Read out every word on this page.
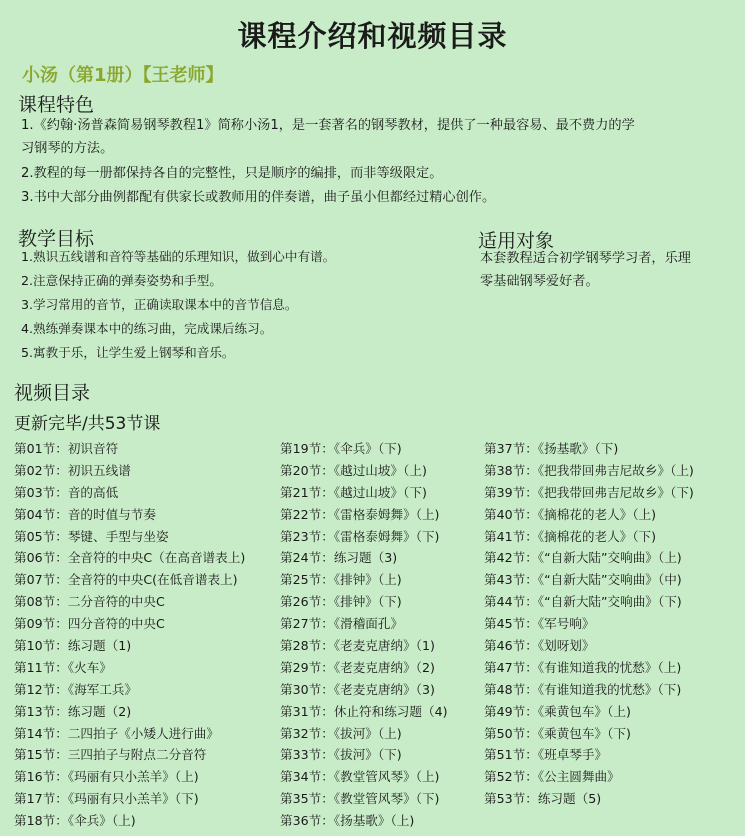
课程介绍和视频目录
小汤（第1册）【王老师】
课程特色
1.《约翰·汤普森简易钢琴教程1》简称小汤1，是一套著名的钢琴教材，提供了一种最容易、最不费力的学
习钢琴的方法。
2.教程的每一册都保持各自的完整性，只是顺序的编排，而非等级限定。
3.书中大部分曲例都配有供家长或教师用的伴奏谱，曲子虽小但都经过精心创作。
教学目标
1.熟识五线谱和音符等基础的乐理知识，做到心中有谱。
2.注意保持正确的弹奏姿势和手型。
3.学习常用的音节，正确读取课本中的音节信息。
4.熟练弹奏课本中的练习曲，完成课后练习。
5.寓教于乐，让学生爱上钢琴和音乐。
适用对象
本套教程适合初学钢琴学习者，乐理
零基础钢琴爱好者。
视频目录
更新完毕/共53节课
第01节：初识音符
第02节：初识五线谱
第03节：音的高低
第04节：音的时值与节奏
第05节：琴键、手型与坐姿
第06节：全音符的中央C（在高音谱表上)
第07节：全音符的中央C(在低音谱表上)
第08节：二分音符的中央C
第09节：四分音符的中央C
第10节：练习题（1)
第11节：《火车》
第12节：《海军工兵》
第13节：练习题（2)
第14节：二四拍子《小矮人进行曲》
第15节：三四拍子与附点二分音符
第16节：《玛丽有只小羔羊》（上)
第17节：《玛丽有只小羔羊》（下)
第18节：《伞兵》（上)
第19节：《伞兵》（下)
第20节：《越过山坡》（上)
第21节：《越过山坡》（下)
第22节：《雷格泰姆舞》（上)
第23节：《雷格泰姆舞》（下)
第24节：练习题（3)
第25节：《排钟》（上)
第26节：《排钟》（下)
第27节：《滑稽面孔》
第28节：《老麦克唐纳》（1)
第29节：《老麦克唐纳》（2)
第30节：《老麦克唐纳》（3)
第31节：休止符和练习题（4)
第32节：《拔河》（上)
第33节：《拔河》（下)
第34节：《教堂管风琴》（上)
第35节：《教堂管风琴》（下)
第36节：《扬基歌》（上)
第37节：《扬基歌》（下)
第38节：《把我带回弗吉尼故乡》（上)
第39节：《把我带回弗吉尼故乡》（下)
第40节：《摘棉花的老人》（上)
第41节：《摘棉花的老人》（下)
第42节：《“自新大陆”交响曲》（上)
第43节：《“自新大陆”交响曲》（中)
第44节：《“自新大陆”交响曲》（下)
第45节：《军号响》
第46节：《划呀划》
第47节：《有谁知道我的忧愁》（上)
第48节：《有谁知道我的忧愁》（下)
第49节：《乘黄包车》（上)
第50节：《乘黄包车》（下)
第51节：《班卓琴手》
第52节：《公主圆舞曲》
第53节：练习题（5)
